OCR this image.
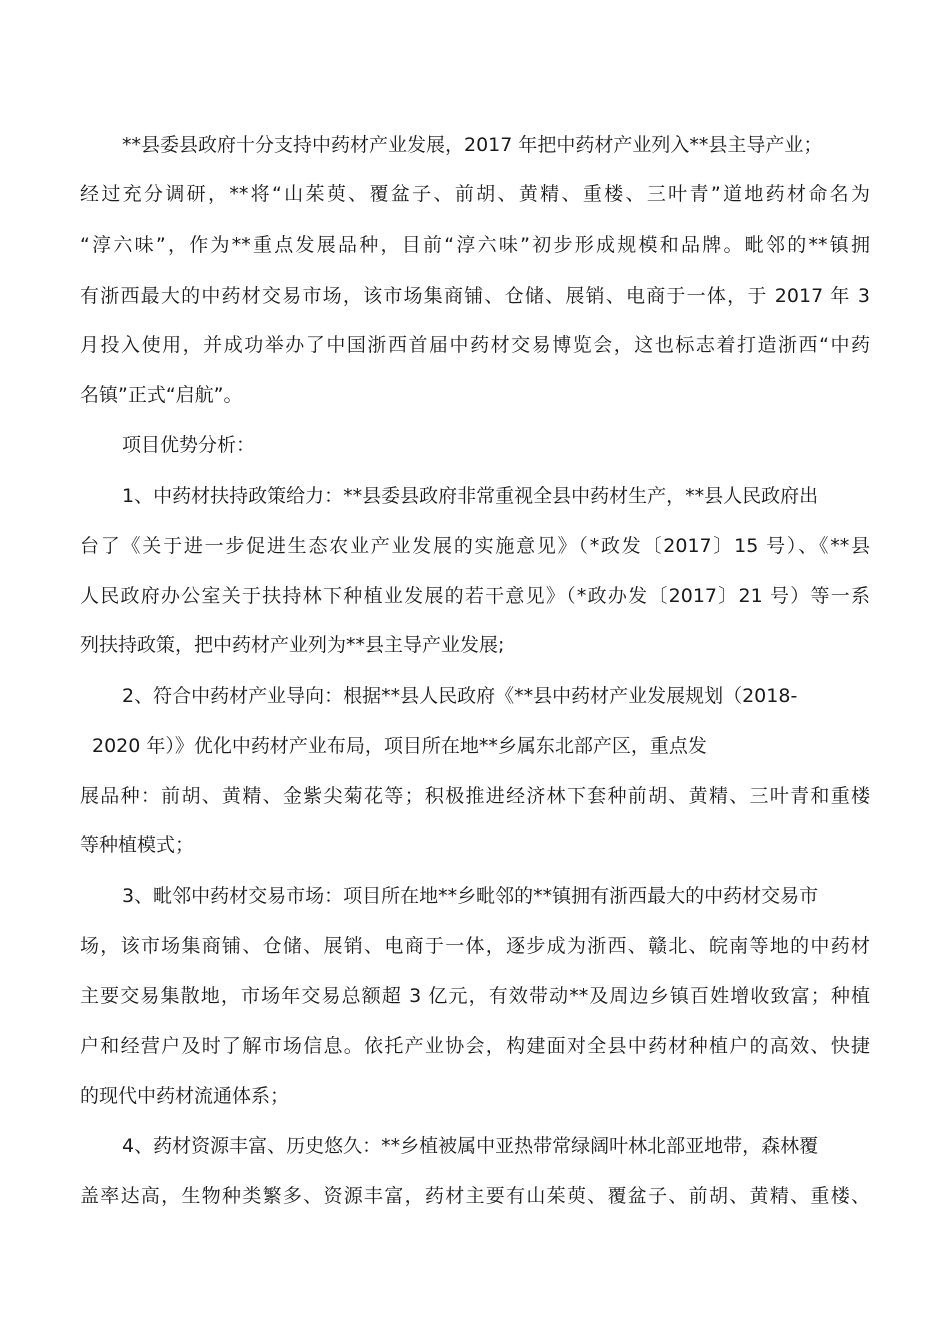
**县委县政府十分支持中药材产业发展，2017 年把中药材产业列入**县主导产业；
经过充分调研，**将“山茱萸、覆盆子、前胡、黄精、重楼、三叶青”道地药材命名为
“淳六味”，作为**重点发展品种，目前“淳六味”初步形成规模和品牌。毗邻的**镇拥
有浙西最大的中药材交易市场，该市场集商铺、仓储、展销、电商于一体，于 2017 年 3
月投入使用，并成功举办了中国浙西首届中药材交易博览会，这也标志着打造浙西“中药
名镇”正式“启航”。
项目优势分析：
1、中药材扶持政策给力：**县委县政府非常重视全县中药材生产，**县人民政府出
台了《关于进一步促进生态农业产业发展的实施意见》（*政发〔2017〕15 号）、《**县
人民政府办公室关于扶持林下种植业发展的若干意见》（*政办发〔2017〕21 号）等一系
列扶持政策，把中药材产业列为**县主导产业发展;
2、符合中药材产业导向：根据**县人民政府《**县中药材产业发展规划（2018-
2020 年）》优化中药材产业布局，项目所在地**乡属东北部产区，重点发
展品种：前胡、黄精、金紫尖菊花等；积极推进经济林下套种前胡、黄精、三叶青和重楼
等种植模式；
3、毗邻中药材交易市场：项目所在地**乡毗邻的**镇拥有浙西最大的中药材交易市
场，该市场集商铺、仓储、展销、电商于一体，逐步成为浙西、赣北、皖南等地的中药材
主要交易集散地，市场年交易总额超 3 亿元，有效带动**及周边乡镇百姓增收致富；种植
户和经营户及时了解市场信息。依托产业协会，构建面对全县中药材种植户的高效、快捷
的现代中药材流通体系；
4、药材资源丰富、历史悠久：**乡植被属中亚热带常绿阔叶林北部亚地带，森林覆
盖率达高，生物种类繁多、资源丰富，药材主要有山茱萸、覆盆子、前胡、黄精、重楼、
